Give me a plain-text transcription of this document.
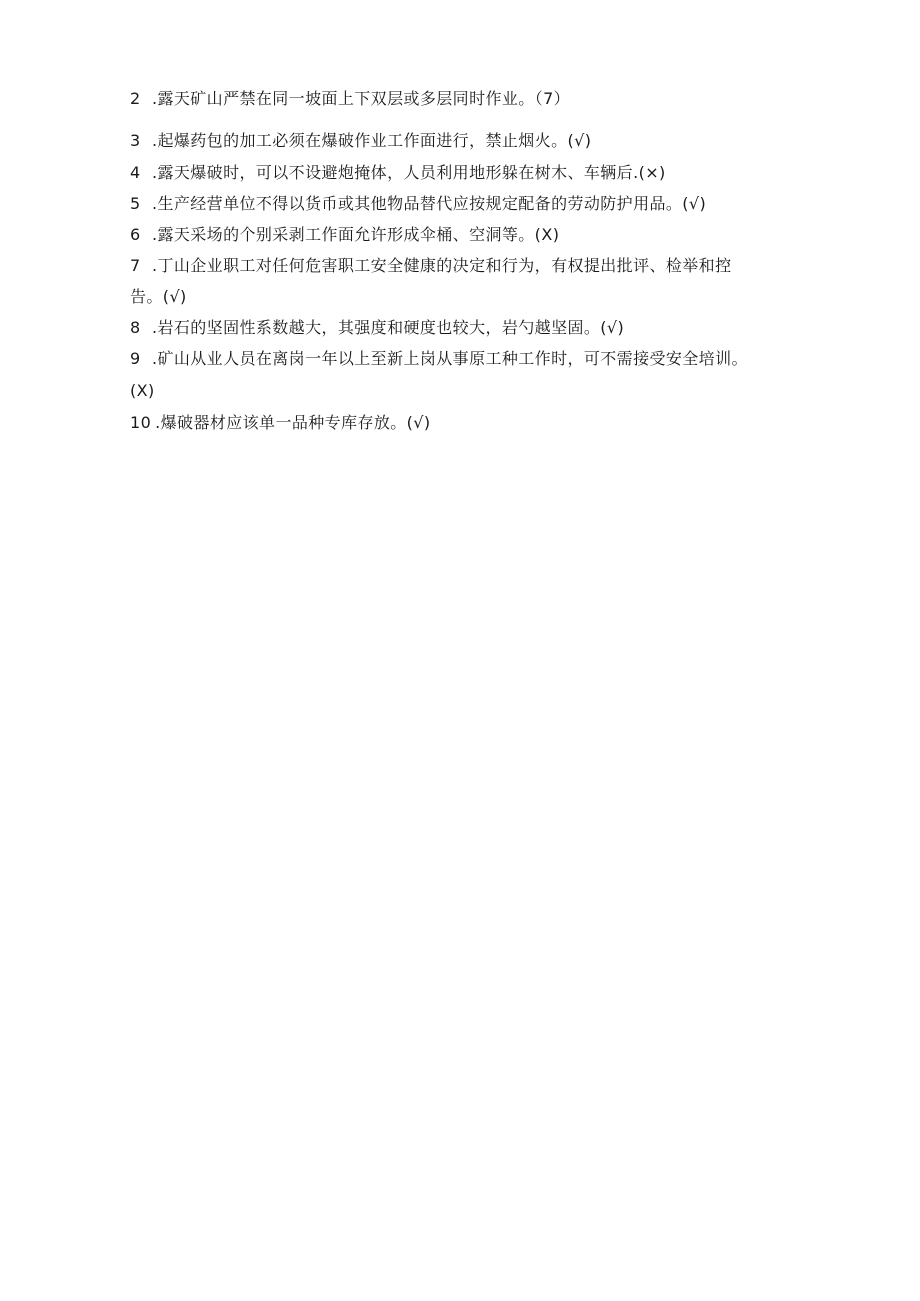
2 .露天矿山严禁在同一坡面上下双层或多层同时作业。（7）
3 .起爆药包的加工必须在爆破作业工作面进行，禁止烟火。(√)
4 .露天爆破时，可以不设避炮掩体，人员利用地形躲在树木、车辆后.(×)
5 .生产经营单位不得以货币或其他物品替代应按规定配备的劳动防护用品。(√)
6 .露天采场的个别采剥工作面允许形成伞桶、空洞等。(X)
7 .丁山企业职工对任何危害职工安全健康的决定和行为，有权提出批评、检举和控
告。(√)
8 .岩石的坚固性系数越大，其强度和硬度也较大，岩勺越坚固。(√)
9 .矿山从业人员在离岗一年以上至新上岗从事原工种工作时，可不需接受安全培训。
(X)
10 .爆破器材应该单一品种专库存放。(√)
